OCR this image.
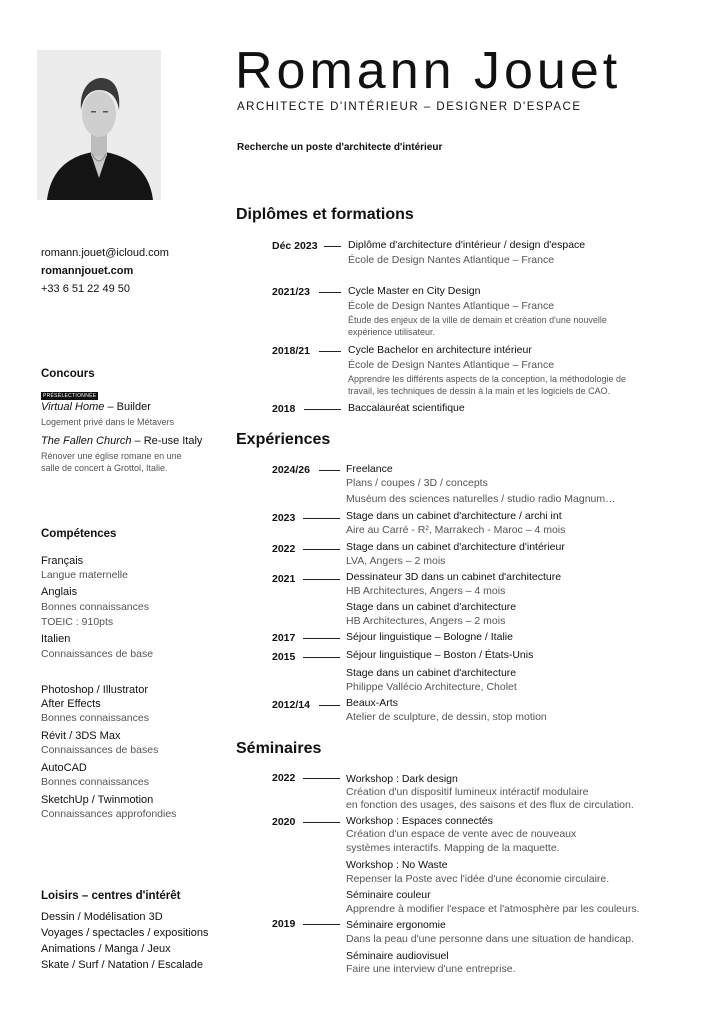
Romann Jouet
ARCHITECTE D'INTÉRIEUR – DESIGNER D'ESPACE
Recherche un poste d'architecte d'intérieur
romann.jouet@icloud.com
romannjouet.com
+33 6 51 22 49 50
Concours
PRÉSÉLECTIONNÉE
Virtual Home – Builder
Logement privé dans le Métavers
The Fallen Church – Re-use Italy
Rénover une église romane en une
salle de concert à Grottol, Italie.
Compétences
Français
Langue maternelle
Anglais
Bonnes connaissances
TOEIC : 910pts
Italien
Connaissances de base
Photoshop / Illustrator
After Effects
Bonnes connaissances
Révit / 3DS Max
Connaissances de bases
AutoCAD
Bonnes connaissances
SketchUp / Twinmotion
Connaissances approfondies
Loisirs – centres d'intérêt
Dessin / Modélisation 3D
Voyages / spectacles / expositions
Animations / Manga / Jeux
Skate / Surf / Natation / Escalade
Diplômes et formations
Déc 2023	Diplôme d'architecture d'intérieur / design d'espace
École de Design Nantes Atlantique – France
2021/23	Cycle Master en City Design
École de Design Nantes Atlantique – France
Étude des enjeux de la ville de demain et création d'une nouvelle
expérience utilisateur.
2018/21	Cycle Bachelor en architecture intérieur
École de Design Nantes Atlantique – France
Apprendre les différents aspects de la conception, la méthodologie de
travail, les techniques de dessin à la main et les logiciels de CAO.
2018	Baccalauréat scientifique
Expériences
2024/26	Freelance
Plans / coupes / 3D / concepts
Muséum des sciences naturelles / studio radio Magnum…
2023	Stage dans un cabinet d'architecture / archi int
Aire au Carré - R², Marrakech - Maroc – 4 mois
2022	Stage dans un cabinet d'architecture d'intérieur
LVA, Angers – 2 mois
2021	Dessinateur 3D dans un cabinet d'architecture
HB Architectures, Angers – 4 mois
Stage dans un cabinet d'architecture
HB Architectures, Angers – 2 mois
2017	Séjour linguistique – Bologne / Italie
2015	Séjour linguistique – Boston / États-Unis
Stage dans un cabinet d'architecture
Philippe Vallécio Architecture, Cholet
2012/14	Beaux-Arts
Atelier de sculpture, de dessin, stop motion
Séminaires
2022	Workshop : Dark design
Création d'un dispositif lumineux intéractif modulaire
en fonction des usages, des saisons et des flux de circulation.
2020	Workshop : Espaces connectés
Création d'un espace de vente avec de nouveaux
systèmes interactifs. Mapping de la maquette.
Workshop : No Waste
Repenser la Poste avec l'idée d'une économie circulaire.
Séminaire couleur
Apprendre à modifier l'espace et l'atmosphère par les couleurs.
2019	Séminaire ergonomie
Dans la peau d'une personne dans une situation de handicap.
Séminaire audiovisuel
Faire une interview d'une entreprise.
